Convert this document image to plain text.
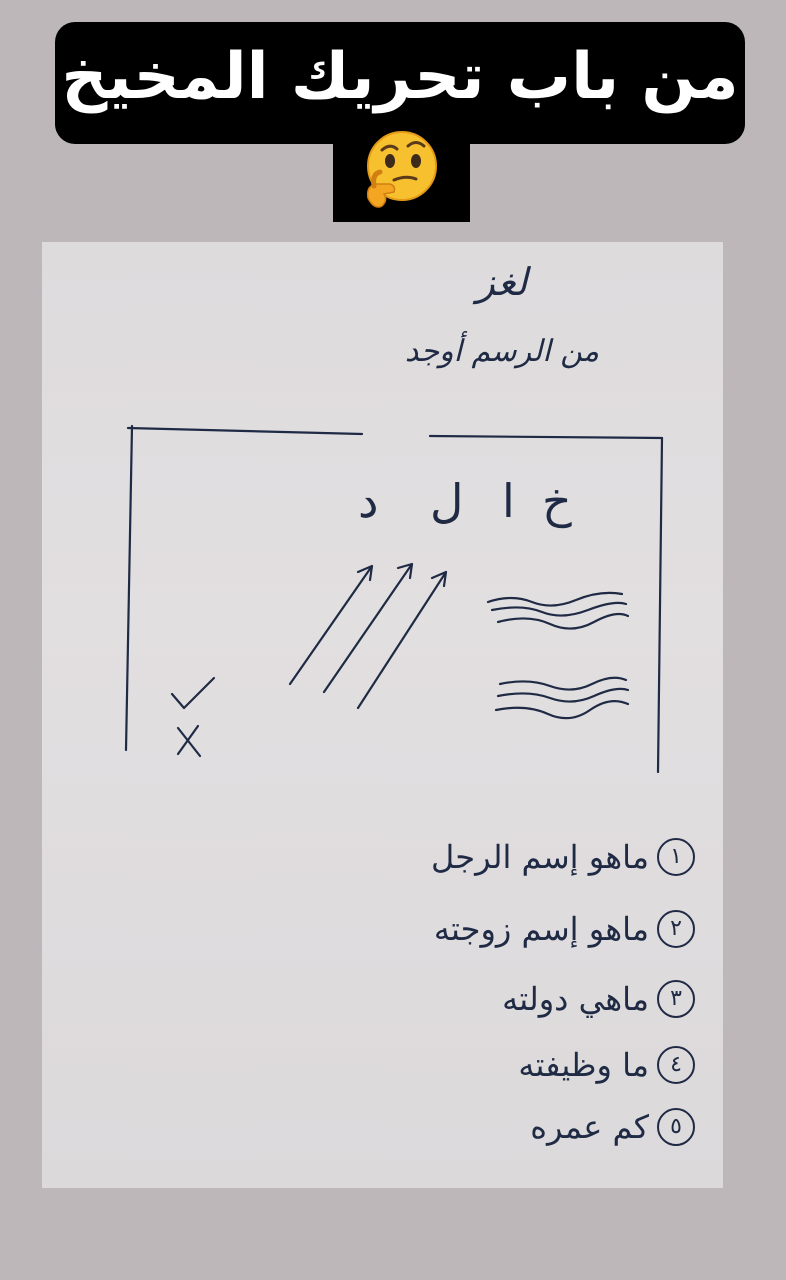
من باب تحريك المخيخ
لغز
من الرسم أوجد
خ
ا
ل
د
١
ماهو إسم الرجل
٢
ماهو إسم زوجته
٣
ماهي دولته
٤
ما وظيفته
٥
كم عمره
